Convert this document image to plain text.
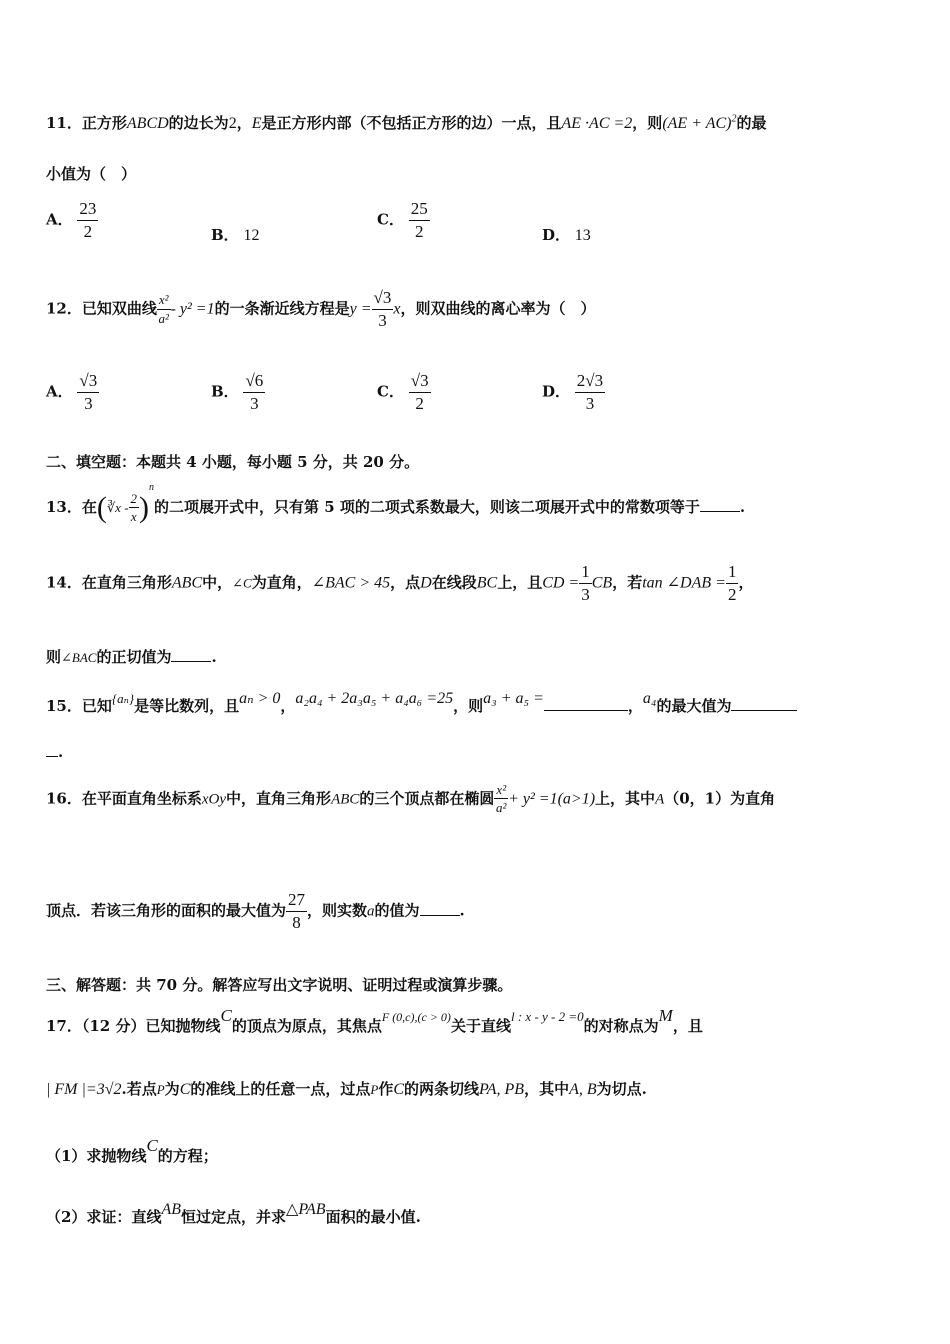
11．正方形ABCD的边长为2，E是正方形内部（不包括正方形的边）一点，且AE ·AC =2，则(AE + AC)$^2$的最
小值为（　）
A． $\frac{23}{2}$	B． 12
C． $\frac{25}{2}$	D． 13
12．已知双曲线 $\frac{\text{x²}}{\text{a²}} - y^2 =1$的一条渐近线方程是$y = \frac{√3}{3}$ x，则双曲线的离心率为（　）
A． $\frac{√3}{3}$	B． $\frac{√6}{3}$	C． $\frac{√3}{2}$	D． $\frac{2√3}{3}$
二、填空题：本题共 4 小题，每小题 5 分，共 20 分。
13．在(∛x - $\frac{2}{x} )^n$的二项展开式中，只有第 5 项的二项式系数最大，则该二项展开式中的常数项等于	.
14．在直角三角形ABC中，∠C为直角，∠BAC > 45，点D在线段BC上，且CD = $\frac{1}{3}$ CB，若tan ∠DAB = $\frac{1}{2}$ ，
则∠BAC的正切值为	.
15．已知{aₙ}是等比数列，且aₙ > 0，a₂a₄ + 2a₃a₅ + a₄a₆ =25，则a₃ + a₅ =	，a₄的最大值为
.
16．在平面直角坐标系xOy中，直角三角形ABC的三个顶点都在椭圆 $\frac{\text{x²}}{\text{a²}} + y^2 =1(a>1)$上，其中A（0，1）为直角
顶点．若该三角形的面积的最大值为 $\frac{27}{8}$ ，则实数a的值为	.
三、解答题：共 70 分。解答应写出文字说明、证明过程或演算步骤。
17．（12 分）已知抛物线C的顶点为原点，其焦点$^{F (0,c),(c > 0)}$关于直线l : x - y - 2 =0的对称点为M，且
| FM |=3√2.若点P为C的准线上的任意一点，过点P作C的两条切线PA, PB，其中A, B为切点.
（1）求抛物线C的方程；
（2）求证：直线AB恒过定点，并求△PAB面积的最小值.
